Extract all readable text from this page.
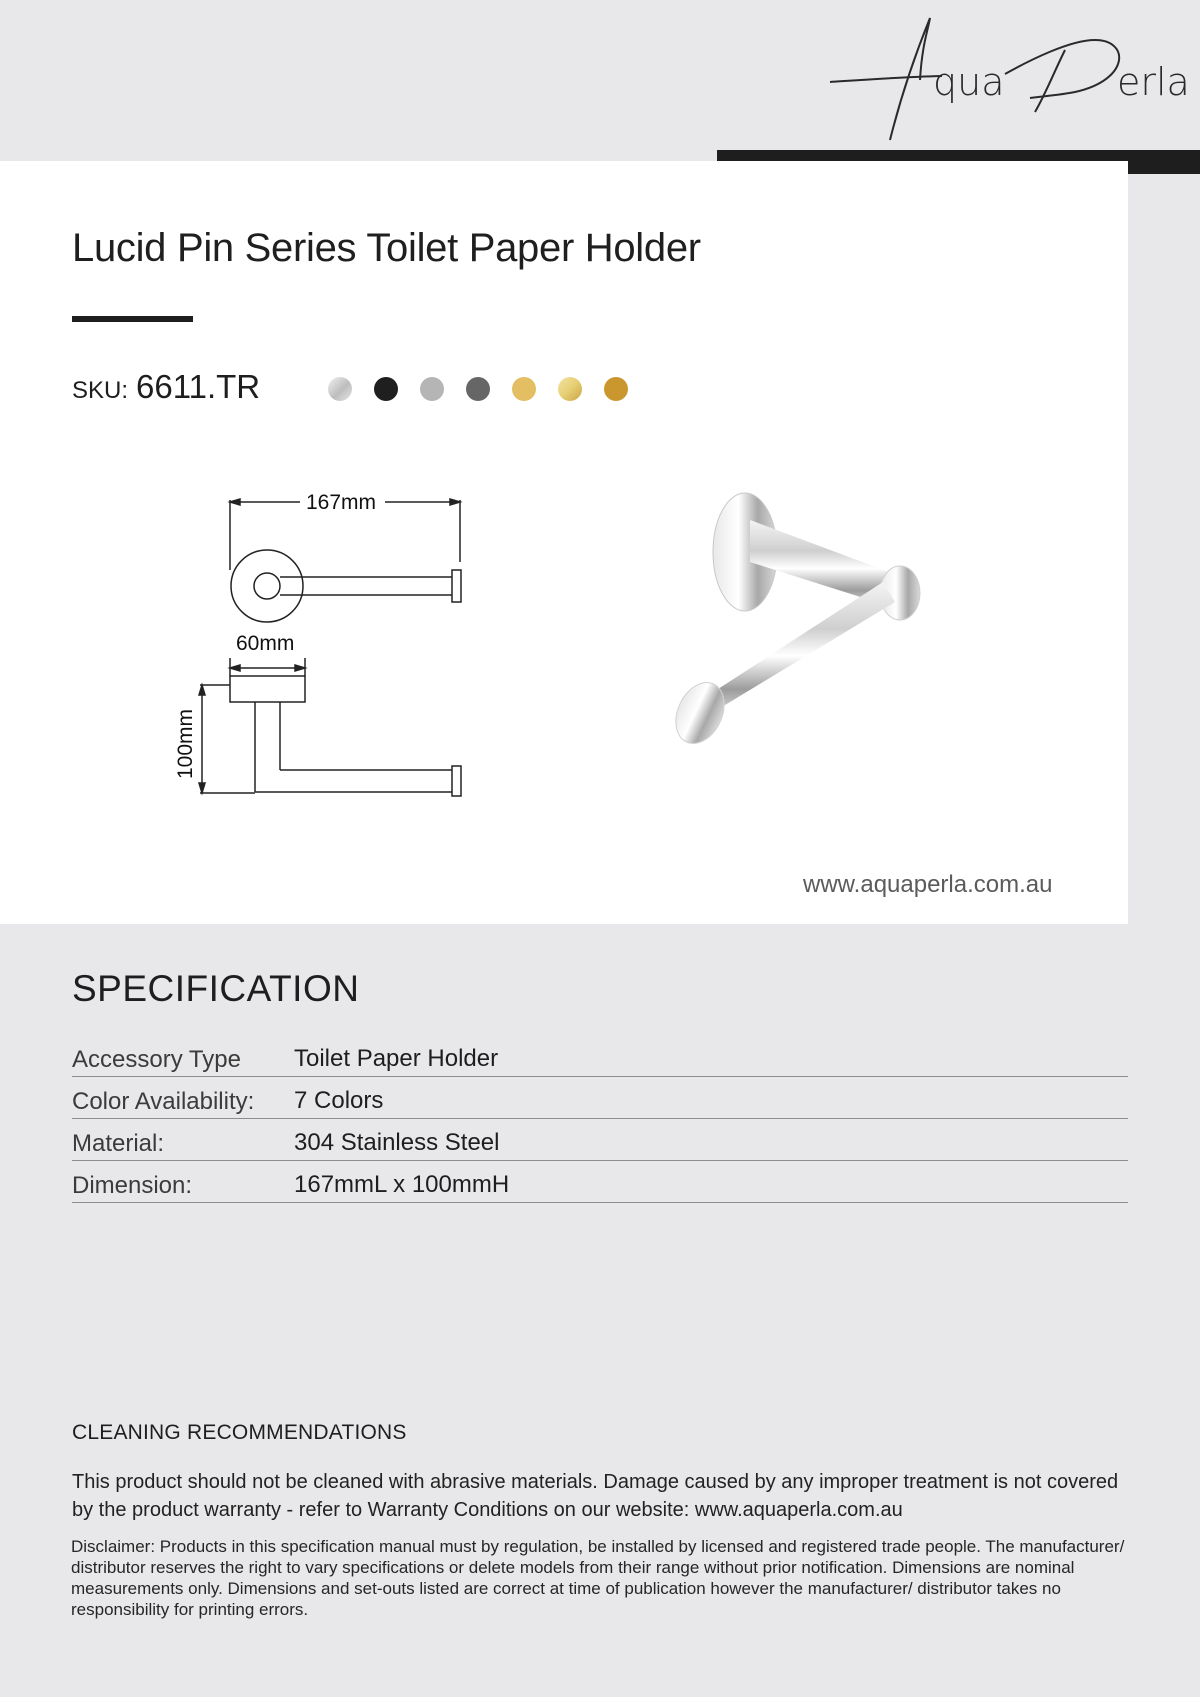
qua	erla
Lucid Pin Series Toilet Paper Holder
SKU: 6611.TR
167mm
60mm
100mm
www.aquaperla.com.au
SPECIFICATION
Accessory Type Toilet Paper Holder
Color Availability: 7 Colors
Material:	304 Stainless Steel
Dimension:	167mmL x 100mmH
CLEANING RECOMMENDATIONS

This product should not be cleaned with abrasive materials. Damage caused by any improper treatment is not covered by the product warranty - refer to Warranty Conditions on our website: www.aquaperla.com.au

Disclaimer: Products in this specification manual must by regulation, be installed by licensed and registered trade people. The manufacturer/ distributor reserves the right to vary specifications or delete models from their range without prior notification. Dimensions are nominal measurements only. Dimensions and set-outs listed are correct at time of publication however the manufacturer/ distributor takes no responsibility for printing errors.
